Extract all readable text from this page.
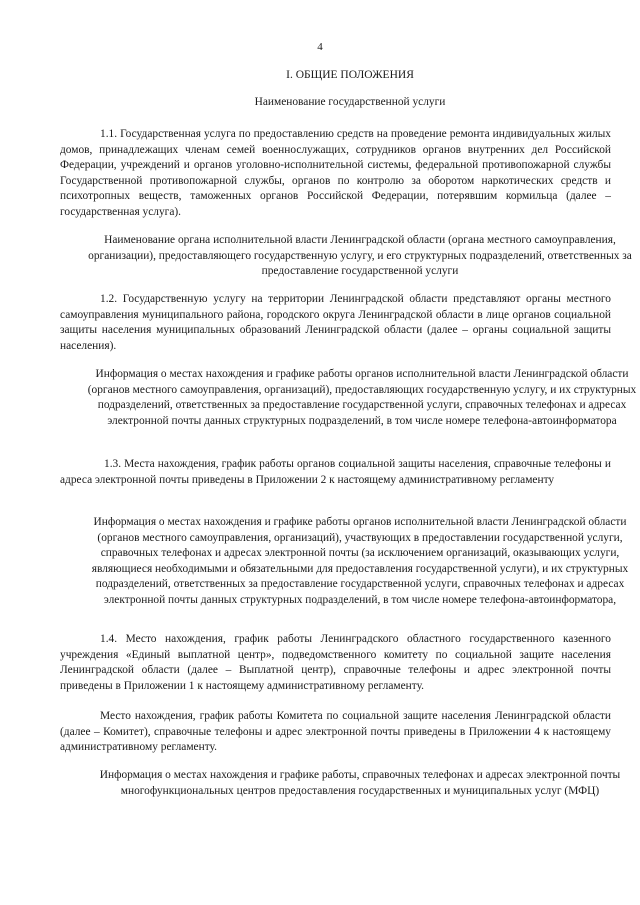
4
I. ОБЩИЕ ПОЛОЖЕНИЯ
Наименование государственной услуги
1.1. Государственная услуга по предоставлению средств на проведение ремонта индивидуальных жилых домов, принадлежащих членам семей военнослужащих, сотрудников органов внутренних дел Российской Федерации, учреждений и органов уголовно-исполнительной системы, федеральной противопожарной службы Государственной противопожарной службы, органов по контролю за оборотом наркотических средств и психотропных веществ, таможенных органов Российской Федерации, потерявшим кормильца (далее – государственная услуга).
Наименование органа исполнительной власти Ленинградской области (органа местного самоуправления, организации), предоставляющего государственную услугу, и его структурных подразделений, ответственных за предоставление государственной услуги
1.2. Государственную услугу на территории Ленинградской области представляют органы местного самоуправления муниципального района, городского округа Ленинградской области в лице органов социальной защиты населения муниципальных образований Ленинградской области (далее – органы социальной защиты населения).
Информация о местах нахождения и графике работы органов исполнительной власти Ленинградской области (органов местного самоуправления, организаций), предоставляющих государственную услугу, и их структурных подразделений, ответственных за предоставление государственной услуги, справочных телефонах и адресах электронной почты данных структурных подразделений, в том числе номере телефона-автоинформатора
1.3. Места нахождения, график работы органов социальной защиты населения, справочные телефоны и адреса электронной почты приведены в Приложении 2 к настоящему административному регламенту
Информация о местах нахождения и графике работы органов исполнительной власти Ленинградской области (органов местного самоуправления, организаций), участвующих в предоставлении государственной услуги, справочных телефонах и адресах электронной почты (за исключением организаций, оказывающих услуги, являющиеся необходимыми и обязательными для предоставления государственной услуги), и их структурных подразделений, ответственных за предоставление государственной услуги, справочных телефонах и адресах электронной почты данных структурных подразделений, в том числе номере телефона-автоинформатора,
1.4. Место нахождения, график работы Ленинградского областного государственного казенного учреждения «Единый выплатной центр», подведомственного комитету по социальной защите населения Ленинградской области (далее – Выплатной центр), справочные телефоны и адрес электронной почты приведены в Приложении 1 к настоящему административному регламенту.
Место нахождения, график работы Комитета по социальной защите населения Ленинградской области (далее – Комитет), справочные телефоны и адрес электронной почты приведены в Приложении 4 к настоящему административному регламенту.
Информация о местах нахождения и графике работы, справочных телефонах и адресах электронной почты многофункциональных центров предоставления государственных и муниципальных услуг (МФЦ)
